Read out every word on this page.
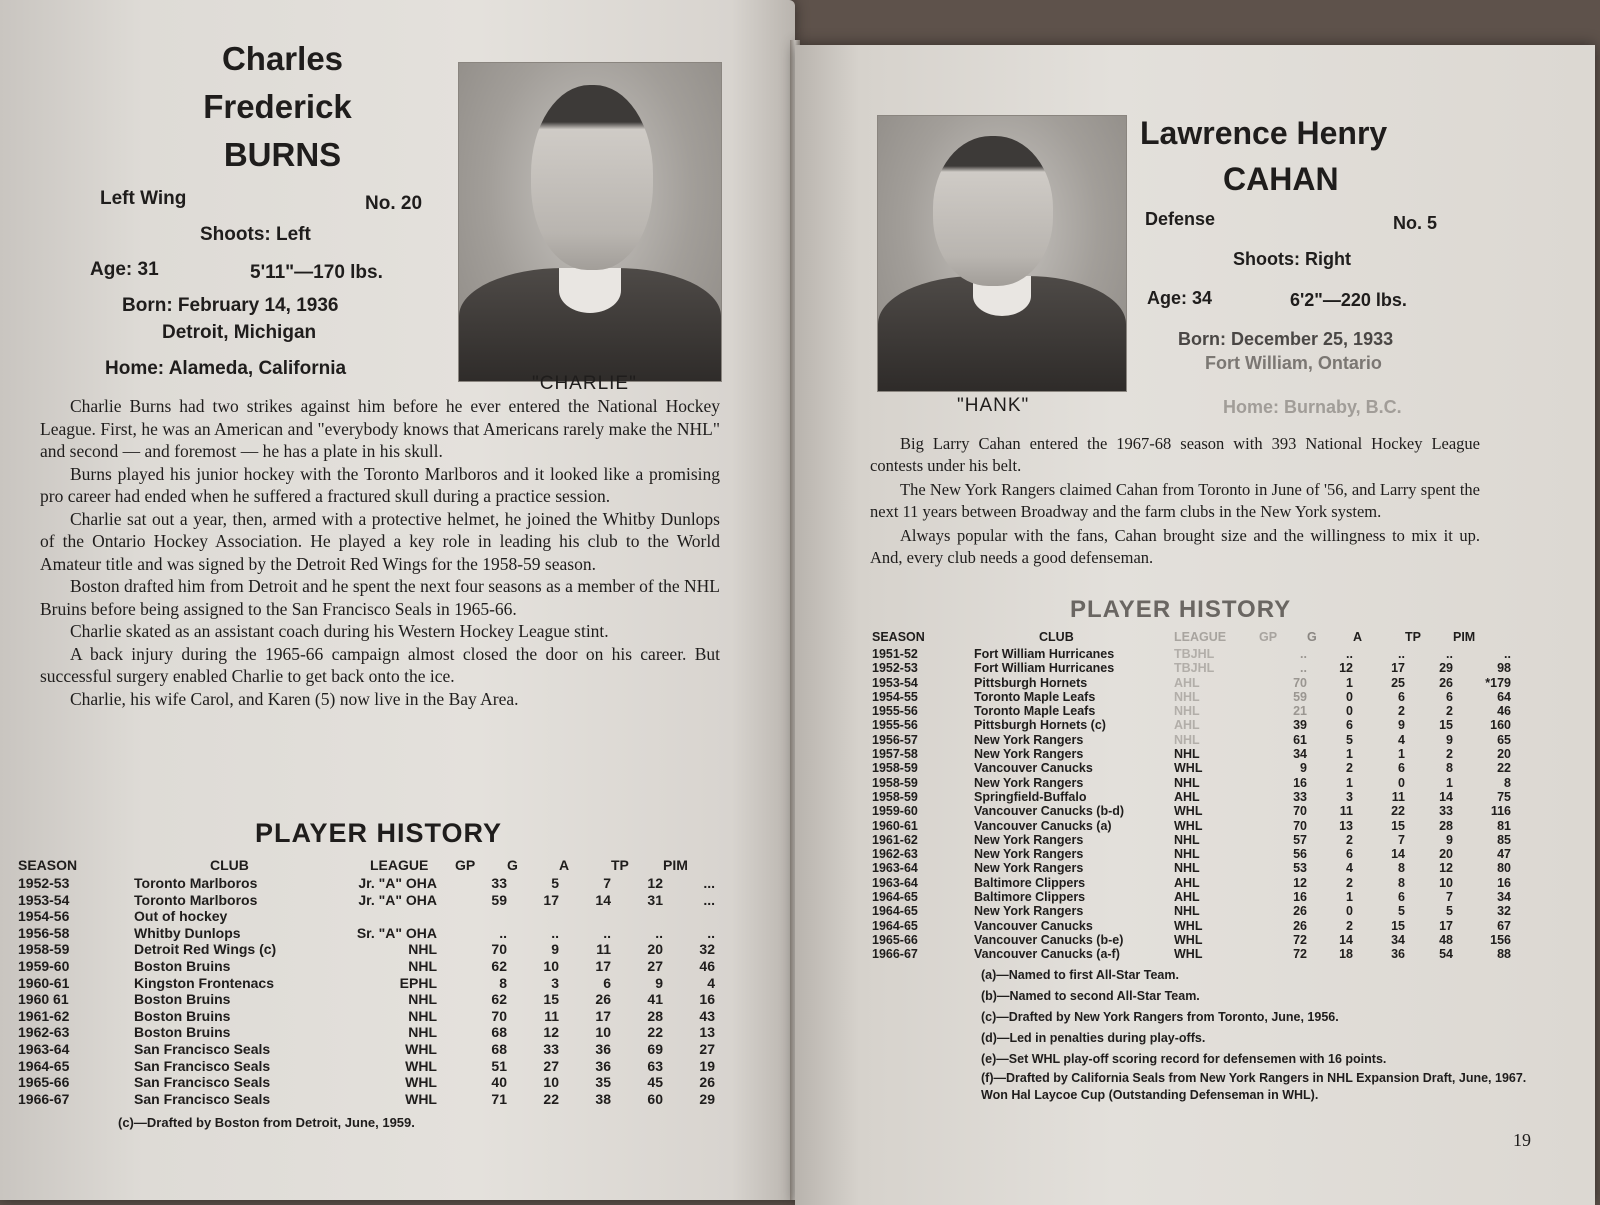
Charles
Frederick
BURNS
Left Wing	No. 20
Shoots: Left
Age: 31	5'11"—170 lbs.
Born: February 14, 1936
Detroit, Michigan
Home: Alameda, California
"CHARLIE"

Charlie Burns had two strikes against him before he ever entered the National Hockey League. First, he was an American and "everybody knows that Americans rarely make the NHL" and second — and foremost — he has a plate in his skull.

Burns played his junior hockey with the Toronto Marlboros and it looked like a promising pro career had ended when he suffered a fractured skull during a practice session.

Charlie sat out a year, then, armed with a protective helmet, he joined the Whitby Dunlops of the Ontario Hockey Association. He played a key role in leading his club to the World Amateur title and was signed by the Detroit Red Wings for the 1958-59 season.

Boston drafted him from Detroit and he spent the next four seasons as a member of the NHL Bruins before being assigned to the San Francisco Seals in 1965-66.

Charlie skated as an assistant coach during his Western Hockey League stint.

A back injury during the 1965-66 campaign almost closed the door on his career. But successful surgery enabled Charlie to get back onto the ice.

Charlie, his wife Carol, and Karen (5) now live in the Bay Area.

PLAYER HISTORY
SEASON	CLUB	LEAGUE	GP	G	A	TP	PIM
1952-53	Toronto Marlboros	Jr. "A" OHA	33	5	7	12	...
1953-54	Toronto Marlboros	Jr. "A" OHA	59	17	14	31	...
1954-56	Out of hockey						
1956-58	Whitby Dunlops	Sr. "A" OHA	..	..	..	..	..
1958-59	Detroit Red Wings (c)	NHL	70	9	11	20	32
1959-60	Boston Bruins	NHL	62	10	17	27	46
1960-61	Kingston Frontenacs	EPHL	8	3	6	9	4
1960 61	Boston Bruins	NHL	62	15	26	41	16
1961-62	Boston Bruins	NHL	70	11	17	28	43
1962-63	Boston Bruins	NHL	68	12	10	22	13
1963-64	San Francisco Seals	WHL	68	33	36	69	27
1964-65	San Francisco Seals	WHL	51	27	36	63	19
1965-66	San Francisco Seals	WHL	40	10	35	45	26
1966-67	San Francisco Seals	WHL	71	22	38	60	29
(c)—Drafted by Boston from Detroit, June, 1959.
Lawrence Henry
CAHAN
Defense	No. 5
Shoots: Right
Age: 34	6'2"—220 lbs.
Born: December 25, 1933
Fort William, Ontario
Home: Burnaby, B.C.
"HANK"

Big Larry Cahan entered the 1967-68 season with 393 National Hockey League contests under his belt.

The New York Rangers claimed Cahan from Toronto in June of '56, and Larry spent the next 11 years between Broadway and the farm clubs in the New York system.

Always popular with the fans, Cahan brought size and the willingness to mix it up. And, every club needs a good defenseman.

PLAYER HISTORY
(a)—Named to first All-Star Team.
(b)—Named to second All-Star Team.
(c)—Drafted by New York Rangers from Toronto, June, 1956.
(d)—Led in penalties during play-offs.
(e)—Set WHL play-off scoring record for defensemen with 16 points.
(f)—Drafted by California Seals from New York Rangers in NHL Expansion Draft, June, 1967. Won Hal Laycoe Cup (Outstanding Defenseman in WHL).
19
SEASON	CLUB	LEAGUE	GP	G	A	TP	PIM
1951-52	Fort William Hurricanes	TBJHL	..	..	..	..	..
1952-53	Fort William Hurricanes	TBJHL	..	12	17	29	98
1953-54	Pittsburgh Hornets	AHL	70	1	25	26	*179
1954-55	Toronto Maple Leafs	NHL	59	0	6	6	64
1955-56	Toronto Maple Leafs	NHL	21	0	2	2	46
1955-56	Pittsburgh Hornets (c)	AHL	39	6	9	15	160
1956-57	New York Rangers	NHL	61	5	4	9	65
1957-58	New York Rangers	NHL	34	1	1	2	20
1958-59	Vancouver Canucks	WHL	9	2	6	8	22
1958-59	New York Rangers	NHL	16	1	0	1	8
1958-59	Springfield-Buffalo	AHL	33	3	11	14	75
1959-60	Vancouver Canucks (b-d)	WHL	70	11	22	33	116
1960-61	Vancouver Canucks (a)	WHL	70	13	15	28	81
1961-62	New York Rangers	NHL	57	2	7	9	85
1962-63	New York Rangers	NHL	56	6	14	20	47
1963-64	New York Rangers	NHL	53	4	8	12	80
1963-64	Baltimore Clippers	AHL	12	2	8	10	16
1964-65	Baltimore Clippers	AHL	16	1	6	7	34
1964-65	New York Rangers	NHL	26	0	5	5	32
1964-65	Vancouver Canucks	WHL	26	2	15	17	67
1965-66	Vancouver Canucks (b-e)	WHL	72	14	34	48	156
1966-67	Vancouver Canucks (a-f)	WHL	72	18	36	54	88
